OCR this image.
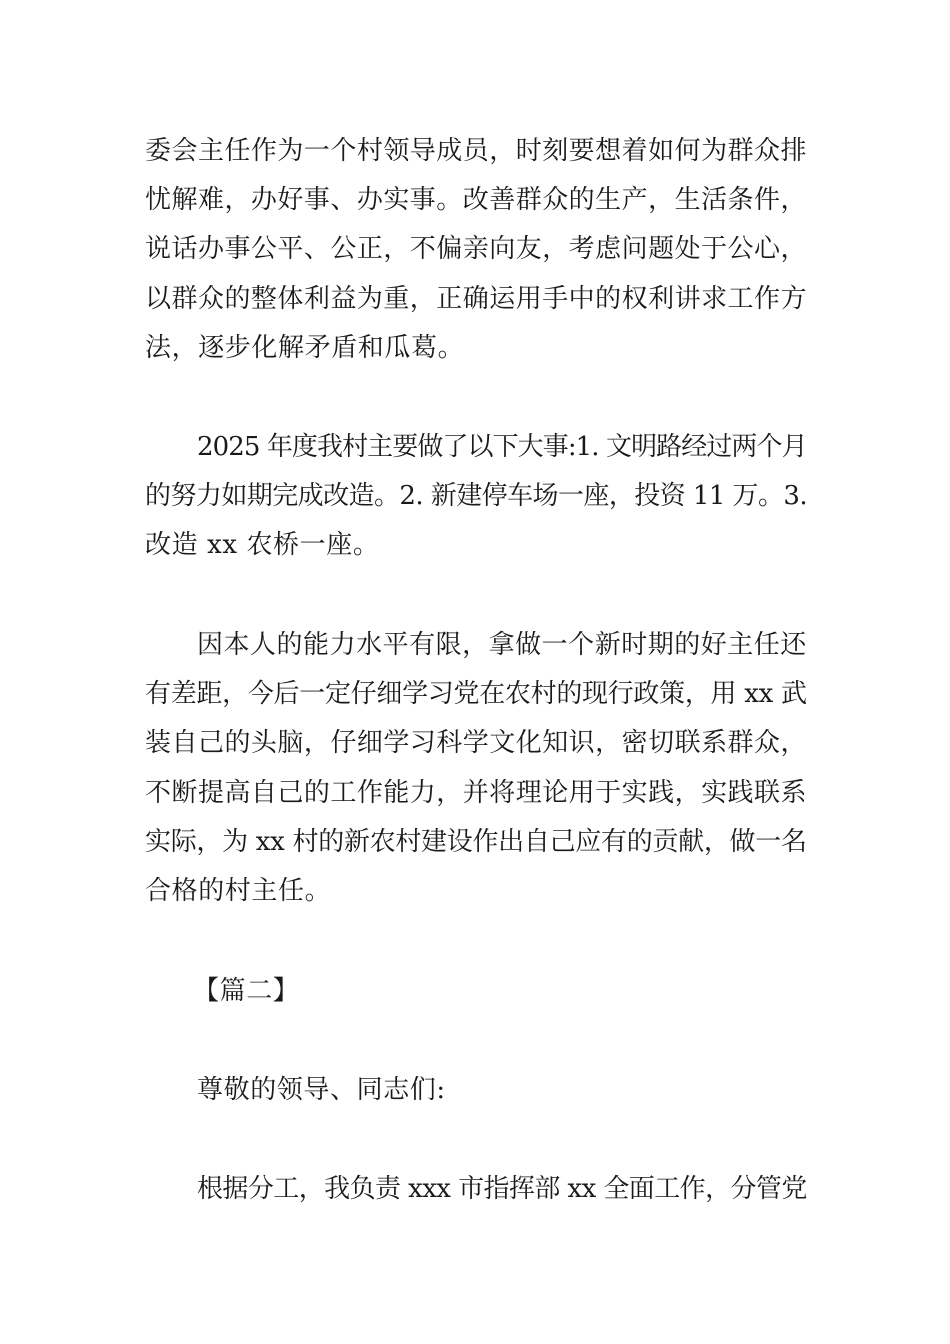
委会主任作为一个村领导成员，时刻要想着如何为群众排
忧解难，办好事、办实事。改善群众的生产，生活条件，
说话办事公平、公正，不偏亲向友，考虑问题处于公心，
以群众的整体利益为重，正确运用手中的权利讲求工作方
法，逐步化解矛盾和瓜葛。
2025 年度我村主要做了以下大事:1. 文明路经过两个月
的努力如期完成改造。2. 新建停车场一座，投资 11 万。3.
改造 xx 农桥一座。
因本人的能力水平有限，拿做一个新时期的好主任还
有差距，今后一定仔细学习党在农村的现行政策，用 xx 武
装自己的头脑，仔细学习科学文化知识，密切联系群众，
不断提高自己的工作能力，并将理论用于实践，实践联系
实际，为 xx 村的新农村建设作出自己应有的贡献，做一名
合格的村主任。
【篇二】
尊敬的领导、同志们:
根据分工，我负责 xxx 市指挥部 xx 全面工作，分管党
